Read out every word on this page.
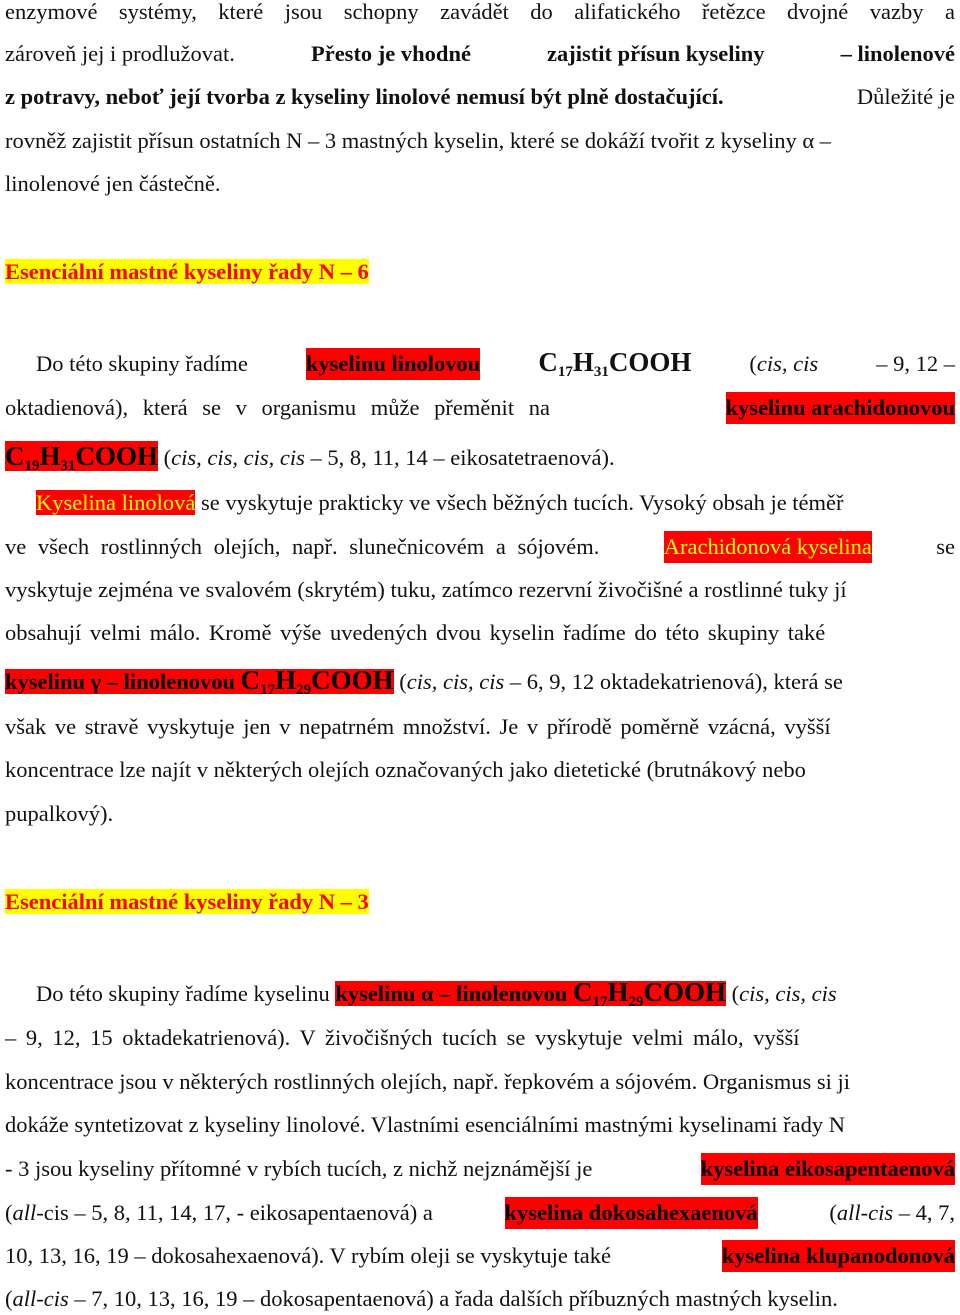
enzymové systémy, které jsou schopny zavádět do alifatického řetězce dvojné vazby a
zároveň jej i prodlužovat.	Přesto je vhodné	zajistit přísun kyseliny	– linolenové
z potravy, neboť její tvorba z kyseliny linolové nemusí být plně dostačující.	Důležité je
rovněž zajistit přísun ostatních N – 3 mastných kyselin, které se dokáží tvořit z kyseliny α –
linolenové jen částečně.
Esenciální mastné kyseliny řady N – 6
Do této skupiny řadíme	kyselinu linolovou $C_{17}H_{31}COOH$	(cis, cis	– 9, 12 –
oktadienová), která se v organismu může přeměnit na	kyselinu arachidonovou
$C_{19}H_{31}COOH$ (cis, cis, cis, cis – 5, 8, 11, 14 – eikosatetraenová).
Kyselina linolová se vyskytuje prakticky ve všech běžných tucích. Vysoký obsah je téměř
ve všech rostlinných olejích, např. slunečnicovém a sójovém.	Arachidonová kyselina	se
vyskytuje zejména ve svalovém (skrytém) tuku, zatímco rezervní živočišné a rostlinné tuky jí
obsahují velmi málo. Kromě výše uvedených dvou kyselin řadíme do této skupiny také
kyselinu γ – linolenovou $C_{17}H_{29}COOH$ (cis, cis, cis – 6, 9, 12 oktadekatrienová), která se
však ve stravě vyskytuje jen v nepatrném množství. Je v přírodě poměrně vzácná, vyšší
koncentrace lze najít v některých olejích označovaných jako dietetické (brutnákový nebo
pupalkový).
Esenciální mastné kyseliny řady N – 3
Do této skupiny řadíme kyselinu kyselinu α – linolenovou $C_{17}H_{29}COOH$ (cis, cis, cis
– 9, 12, 15 oktadekatrienová). V živočišných tucích se vyskytuje velmi málo, vyšší
koncentrace jsou v některých rostlinných olejích, např. řepkovém a sójovém. Organismus si ji
dokáže syntetizovat z kyseliny linolové. Vlastními esenciálními mastnými kyselinami řady N
- 3 jsou kyseliny přítomné v rybích tucích, z nichž nejznámější je	kyselina eikosapentaenová
(all-cis – 5, 8, 11, 14, 17, - eikosapentaenová) a	kyselina dokosahexaenová	(all-cis – 4, 7,
10, 13, 16, 19 – dokosahexaenová). V rybím oleji se vyskytuje také	kyselina klupanodonová
(all-cis – 7, 10, 13, 16, 19 – dokosapentaenová) a řada dalších příbuzných mastných kyselin.
